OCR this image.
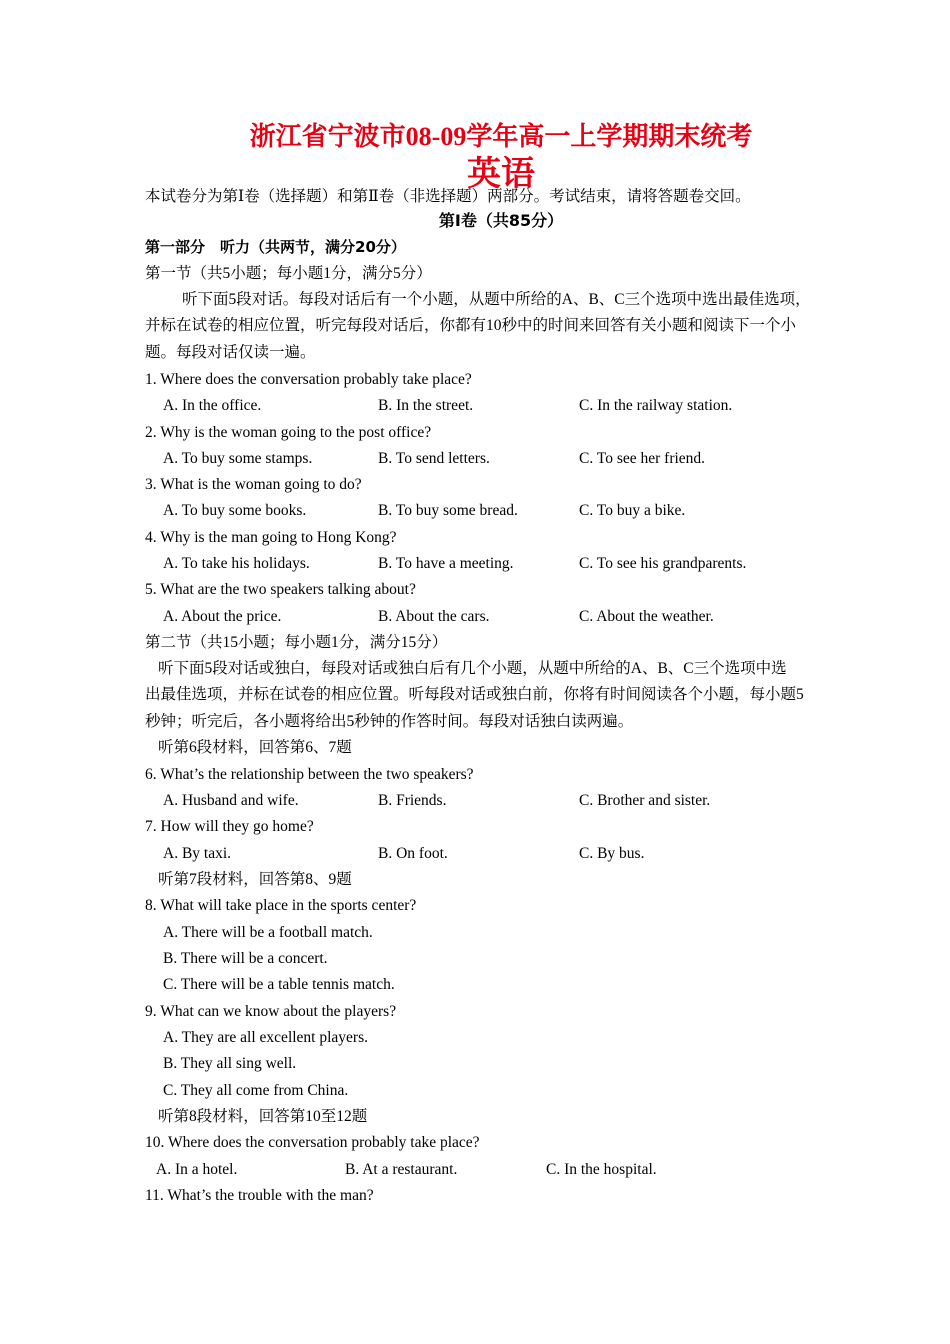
浙江省宁波市08-09学年高一上学期期末统考
英语
本试卷分为第Ⅰ卷（选择题）和第Ⅱ卷（非选择题）两部分。考试结束，请将答题卷交回。
第Ⅰ卷（共85分）
第一部分　听力（共两节，满分20分）
第一节（共5小题；每小题1分，满分5分）
听下面5段对话。每段对话后有一个小题，从题中所给的A、B、C三个选项中选出最佳选项，
并标在试卷的相应位置，听完每段对话后，你都有10秒中的时间来回答有关小题和阅读下一个小
题。每段对话仅读一遍。
1. Where does the conversation probably take place?
A. In the office.	B. In the street.	C. In the railway station.
2. Why is the woman going to the post office?
A. To buy some stamps.	B. To send letters.	C. To see her friend.
3. What is the woman going to do?
A. To buy some books.	B. To buy some bread.	C. To buy a bike.
4. Why is the man going to Hong Kong?
A. To take his holidays.	B. To have a meeting.	C. To see his grandparents.
5. What are the two speakers talking about?
A. About the price.	B. About the cars.	C. About the weather.
第二节（共15小题；每小题1分，满分15分）
听下面5段对话或独白，每段对话或独白后有几个小题，从题中所给的A、B、C三个选项中选
出最佳选项，并标在试卷的相应位置。听每段对话或独白前，你将有时间阅读各个小题，每小题5
秒钟；听完后，各小题将给出5秒钟的作答时间。每段对话独白读两遍。
听第6段材料，回答第6、7题
6. What’s the relationship between the two speakers?
A. Husband and wife.	B. Friends.	C. Brother and sister.
7. How will they go home?
A. By taxi.	B. On foot.	C. By bus.
听第7段材料，回答第8、9题
8. What will take place in the sports center?
A. There will be a football match.
B. There will be a concert.
C. There will be a table tennis match.
9. What can we know about the players?
A. They are all excellent players.
B. They all sing well.
C. They all come from China.
听第8段材料，回答第10至12题
10. Where does the conversation probably take place?
A. In a hotel.	B. At a restaurant.	C. In the hospital.
11. What’s the trouble with the man?
